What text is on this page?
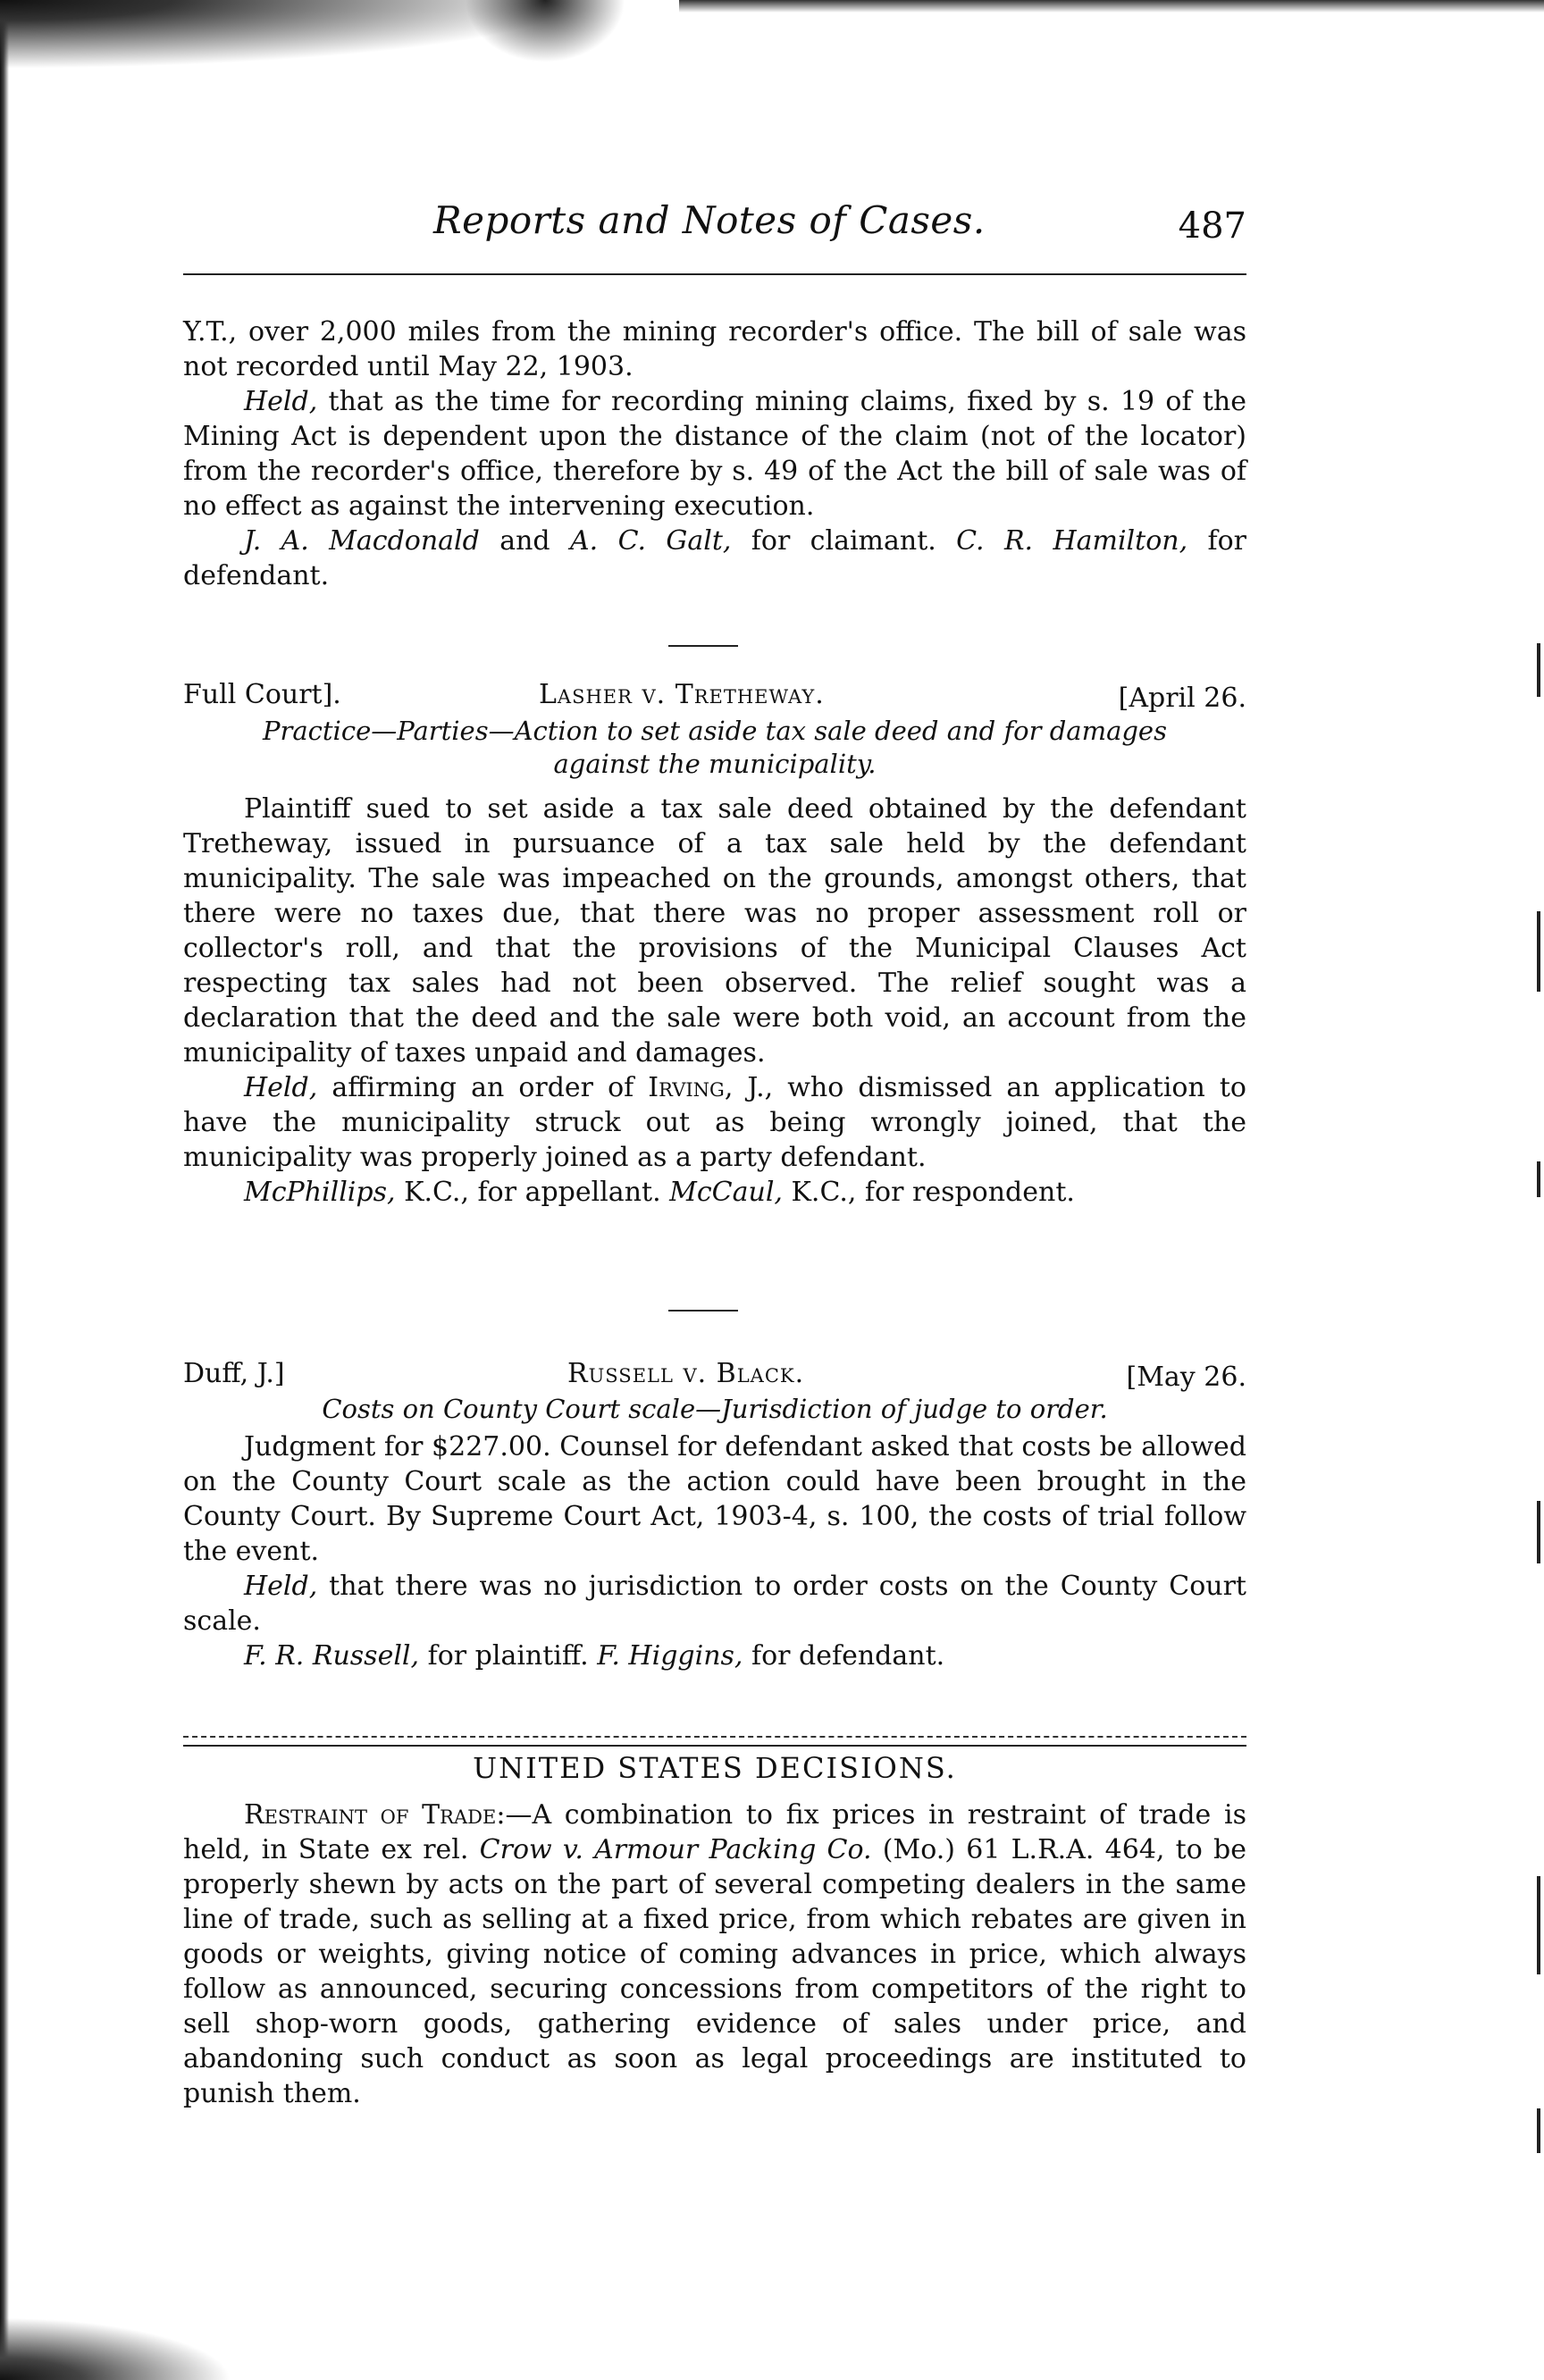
Reports and Notes of Cases.	487

Y.T., over 2,000 miles from the mining recorder's office. The bill of sale was not recorded until May 22, 1903.

Held, that as the time for recording mining claims, fixed by s. 19 of the Mining Act is dependent upon the distance of the claim (not of the locator) from the recorder's office, therefore by s. 49 of the Act the bill of sale was of no effect as against the intervening execution.

J. A. Macdonald and A. C. Galt, for claimant. C. R. Hamilton, for defendant.

Full Court].	Lasher v. Tretheway.	[April 26.
Practice—Parties—Action to set aside tax sale deed and for damages against the municipality.

Plaintiff sued to set aside a tax sale deed obtained by the defendant Tretheway, issued in pursuance of a tax sale held by the defendant municipality. The sale was impeached on the grounds, amongst others, that there were no taxes due, that there was no proper assessment roll or collector's roll, and that the provisions of the Municipal Clauses Act respecting tax sales had not been observed. The relief sought was a declaration that the deed and the sale were both void, an account from the municipality of taxes unpaid and damages.

Held, affirming an order of Irving, J., who dismissed an application to have the municipality struck out as being wrongly joined, that the municipality was properly joined as a party defendant.

McPhillips, K.C., for appellant. McCaul, K.C., for respondent.

Duff, J.]	Russell v. Black.	[May 26.
Costs on County Court scale—Jurisdiction of judge to order.

Judgment for $227.00. Counsel for defendant asked that costs be allowed on the County Court scale as the action could have been brought in the County Court. By Supreme Court Act, 1903-4, s. 100, the costs of trial follow the event.

Held, that there was no jurisdiction to order costs on the County Court scale.

F. R. Russell, for plaintiff. F. Higgins, for defendant.

UNITED STATES DECISIONS.

Restraint of Trade:—A combination to fix prices in restraint of trade is held, in State ex rel. Crow v. Armour Packing Co. (Mo.) 61 L.R.A. 464, to be properly shewn by acts on the part of several competing dealers in the same line of trade, such as selling at a fixed price, from which rebates are given in goods or weights, giving notice of coming advances in price, which always follow as announced, securing concessions from competitors of the right to sell shop-worn goods, gathering evidence of sales under price, and abandoning such conduct as soon as legal proceedings are instituted to punish them.
